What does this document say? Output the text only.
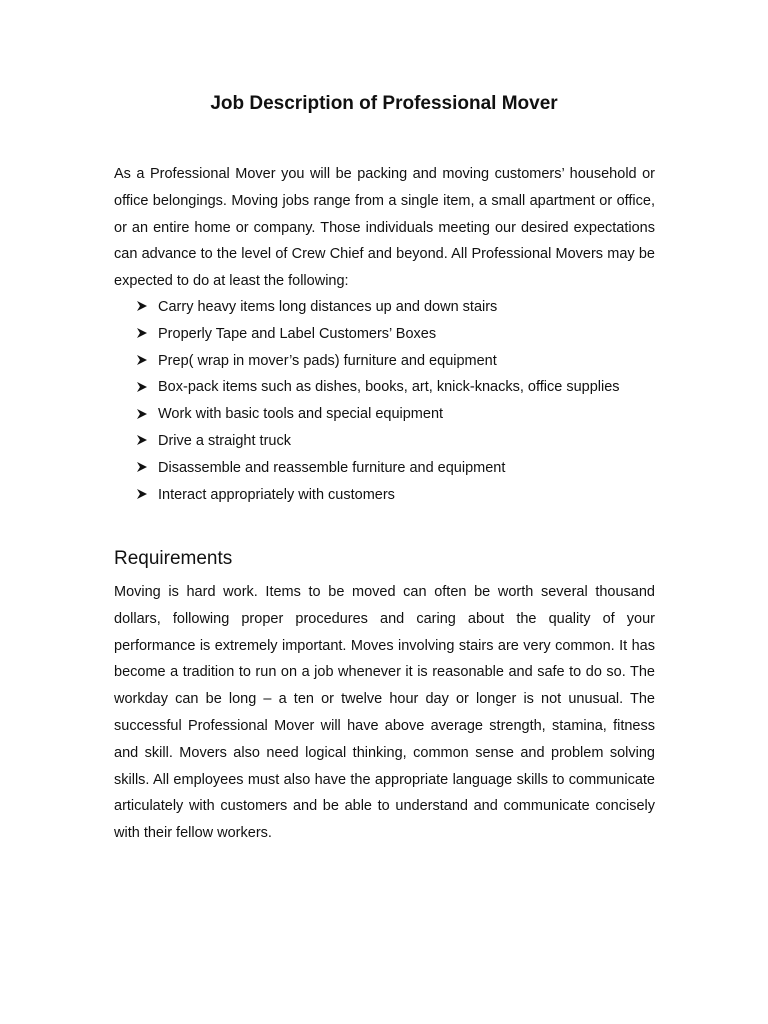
Job Description of Professional Mover

As a Professional Mover you will be packing and moving customers’ household or office belongings. Moving jobs range from a single item, a small apartment or office, or an entire home or company. Those individuals meeting our desired expectations can advance to the level of Crew Chief and beyond. All Professional Movers may be expected to do at least the following:

Carry heavy items long distances up and down stairs
Properly Tape and Label Customers’ Boxes
Prep( wrap in mover’s pads) furniture and equipment
Box-pack items such as dishes, books, art, knick-knacks, office supplies
Work with basic tools and special equipment
Drive a straight truck
Disassemble and reassemble furniture and equipment
Interact appropriately with customers
Requirements

Moving is hard work. Items to be moved can often be worth several thousand dollars, following proper procedures and caring about the quality of your performance is extremely important. Moves involving stairs are very common. It has become a tradition to run on a job whenever it is reasonable and safe to do so. The workday can be long – a ten or twelve hour day or longer is not unusual. The successful Professional Mover will have above average strength, stamina, fitness and skill. Movers also need logical thinking, common sense and problem solving skills. All employees must also have the appropriate language skills to communicate articulately with customers and be able to understand and communicate concisely with their fellow workers.
